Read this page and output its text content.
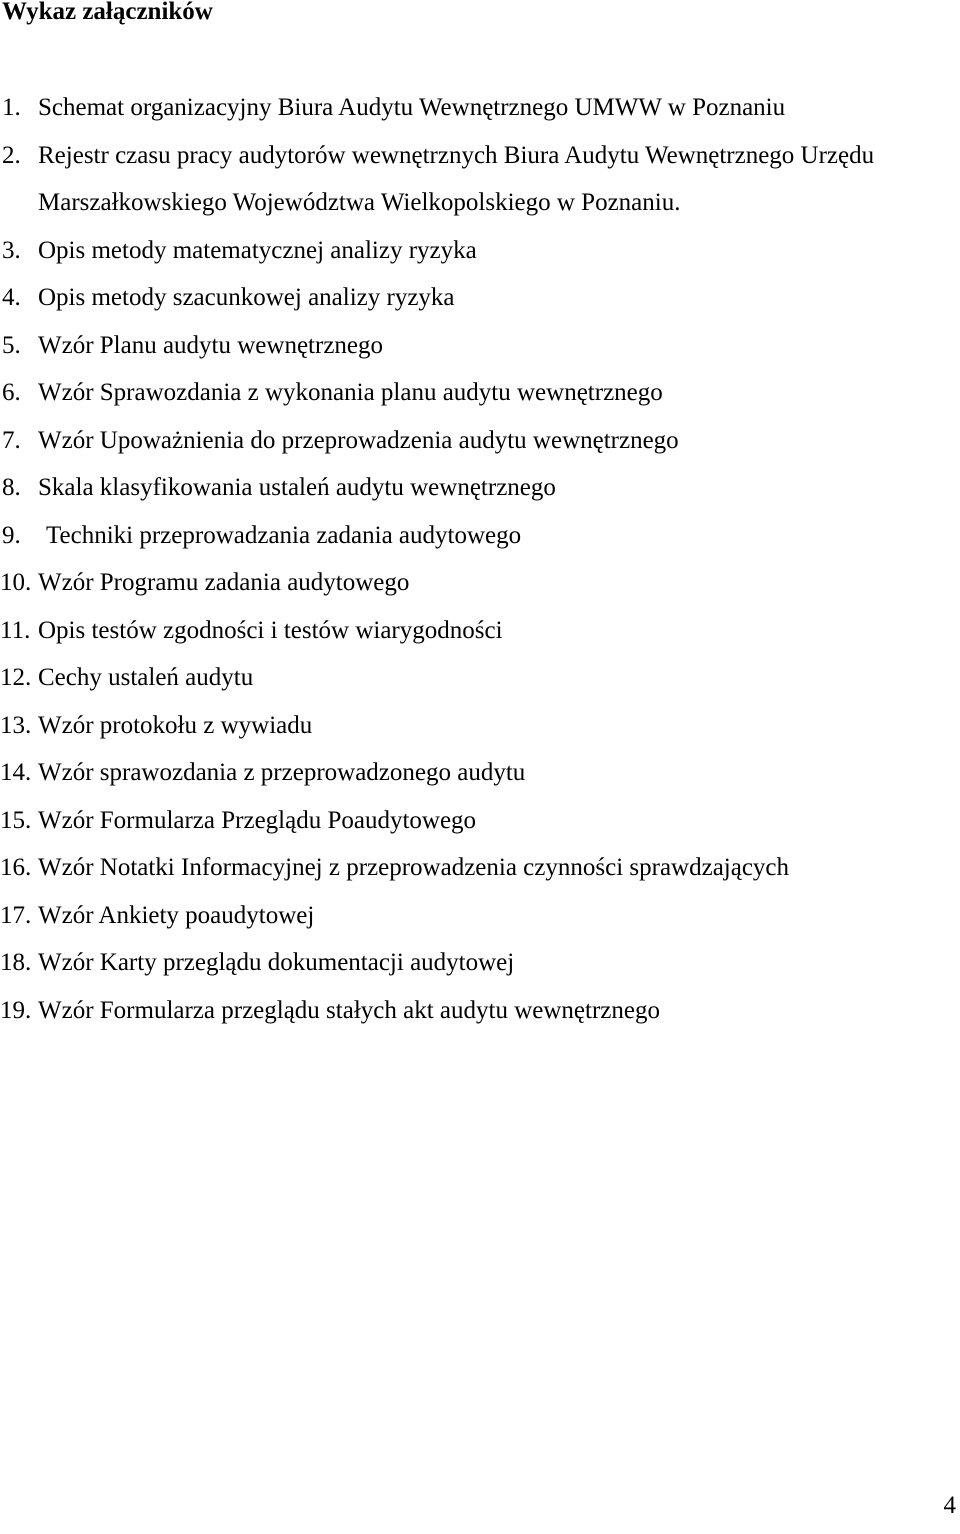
Wykaz załączników
1. Schemat organizacyjny Biura Audytu Wewnętrznego UMWW w Poznaniu
2. Rejestr czasu pracy audytorów wewnętrznych Biura Audytu Wewnętrznego Urzędu Marszałkowskiego Województwa Wielkopolskiego w Poznaniu.
3. Opis metody matematycznej analizy ryzyka
4. Opis metody szacunkowej analizy ryzyka
5. Wzór Planu audytu wewnętrznego
6. Wzór Sprawozdania z wykonania planu audytu wewnętrznego
7. Wzór Upoważnienia do przeprowadzenia audytu wewnętrznego
8. Skala klasyfikowania ustaleń audytu wewnętrznego
9.	Techniki przeprowadzania zadania audytowego
10. Wzór Programu zadania audytowego
11. Opis testów zgodności i testów wiarygodności
12. Cechy ustaleń audytu
13. Wzór protokołu z wywiadu
14. Wzór sprawozdania z przeprowadzonego audytu
15. Wzór Formularza Przeglądu Poaudytowego
16. Wzór Notatki Informacyjnej z przeprowadzenia czynności sprawdzających
17. Wzór Ankiety poaudytowej
18. Wzór Karty przeglądu dokumentacji audytowej
19. Wzór Formularza przeglądu stałych akt audytu wewnętrznego
4
